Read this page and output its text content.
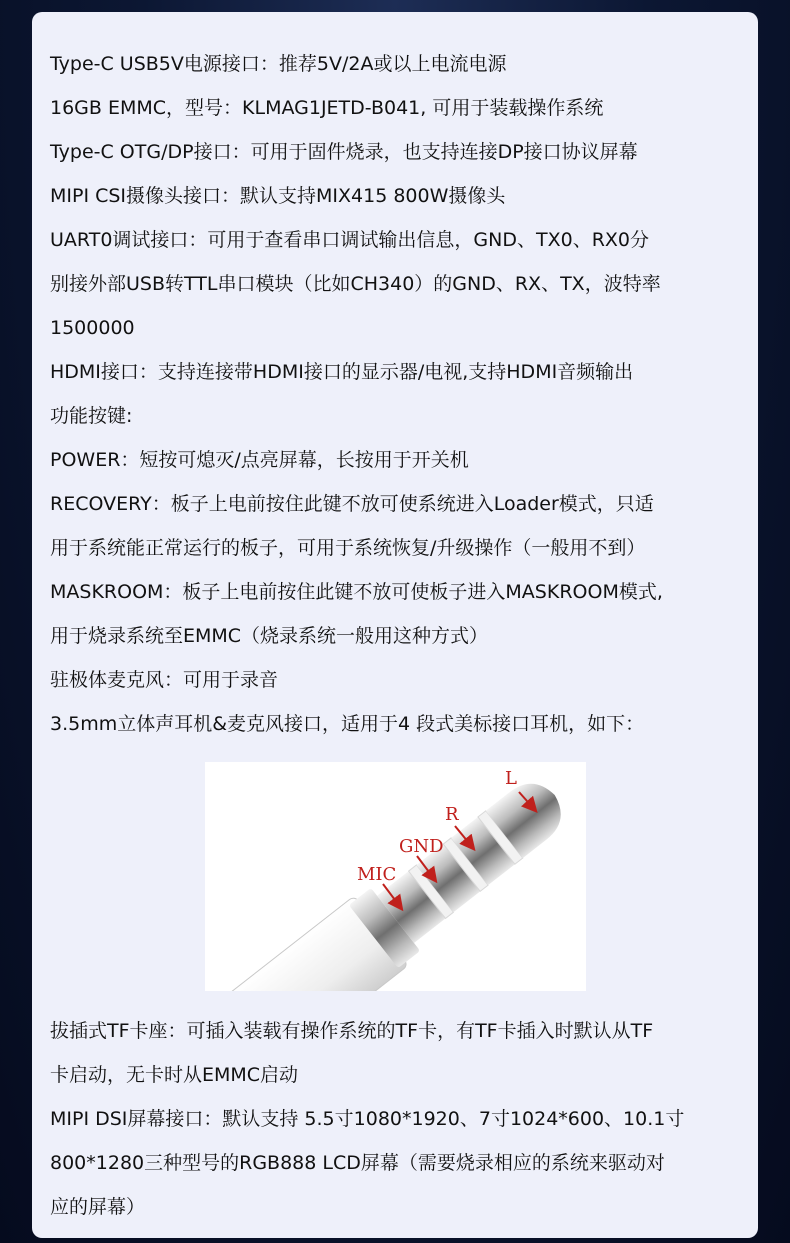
Type-C USB5V电源接口：推荐5V/2A或以上电流电源
16GB EMMC，型号：KLMAG1JETD-B041, 可用于装载操作系统
Type-C OTG/DP接口：可用于固件烧录，也支持连接DP接口协议屏幕
MIPI CSI摄像头接口：默认支持MIX415 800W摄像头
UART0调试接口：可用于查看串口调试输出信息，GND、TX0、RX0分
别接外部USB转TTL串口模块（比如CH340）的GND、RX、TX，波特率
1500000
HDMI接口：支持连接带HDMI接口的显示器/电视,支持HDMI音频输出
功能按键:
POWER：短按可熄灭/点亮屏幕，长按用于开关机
RECOVERY：板子上电前按住此键不放可使系统进入Loader模式，只适
用于系统能正常运行的板子，可用于系统恢复/升级操作（一般用不到）
MASKROOM：板子上电前按住此键不放可使板子进入MASKROOM模式,
用于烧录系统至EMMC（烧录系统一般用这种方式）
驻极体麦克风：可用于录音
3.5mm立体声耳机&麦克风接口，适用于4 段式美标接口耳机，如下：
L
R
GND
MIC
拔插式TF卡座：可插入装载有操作系统的TF卡，有TF卡插入时默认从TF
卡启动，无卡时从EMMC启动
MIPI DSI屏幕接口：默认支持 5.5寸1080*1920、7寸1024*600、10.1寸
800*1280三种型号的RGB888 LCD屏幕（需要烧录相应的系统来驱动对
应的屏幕）
